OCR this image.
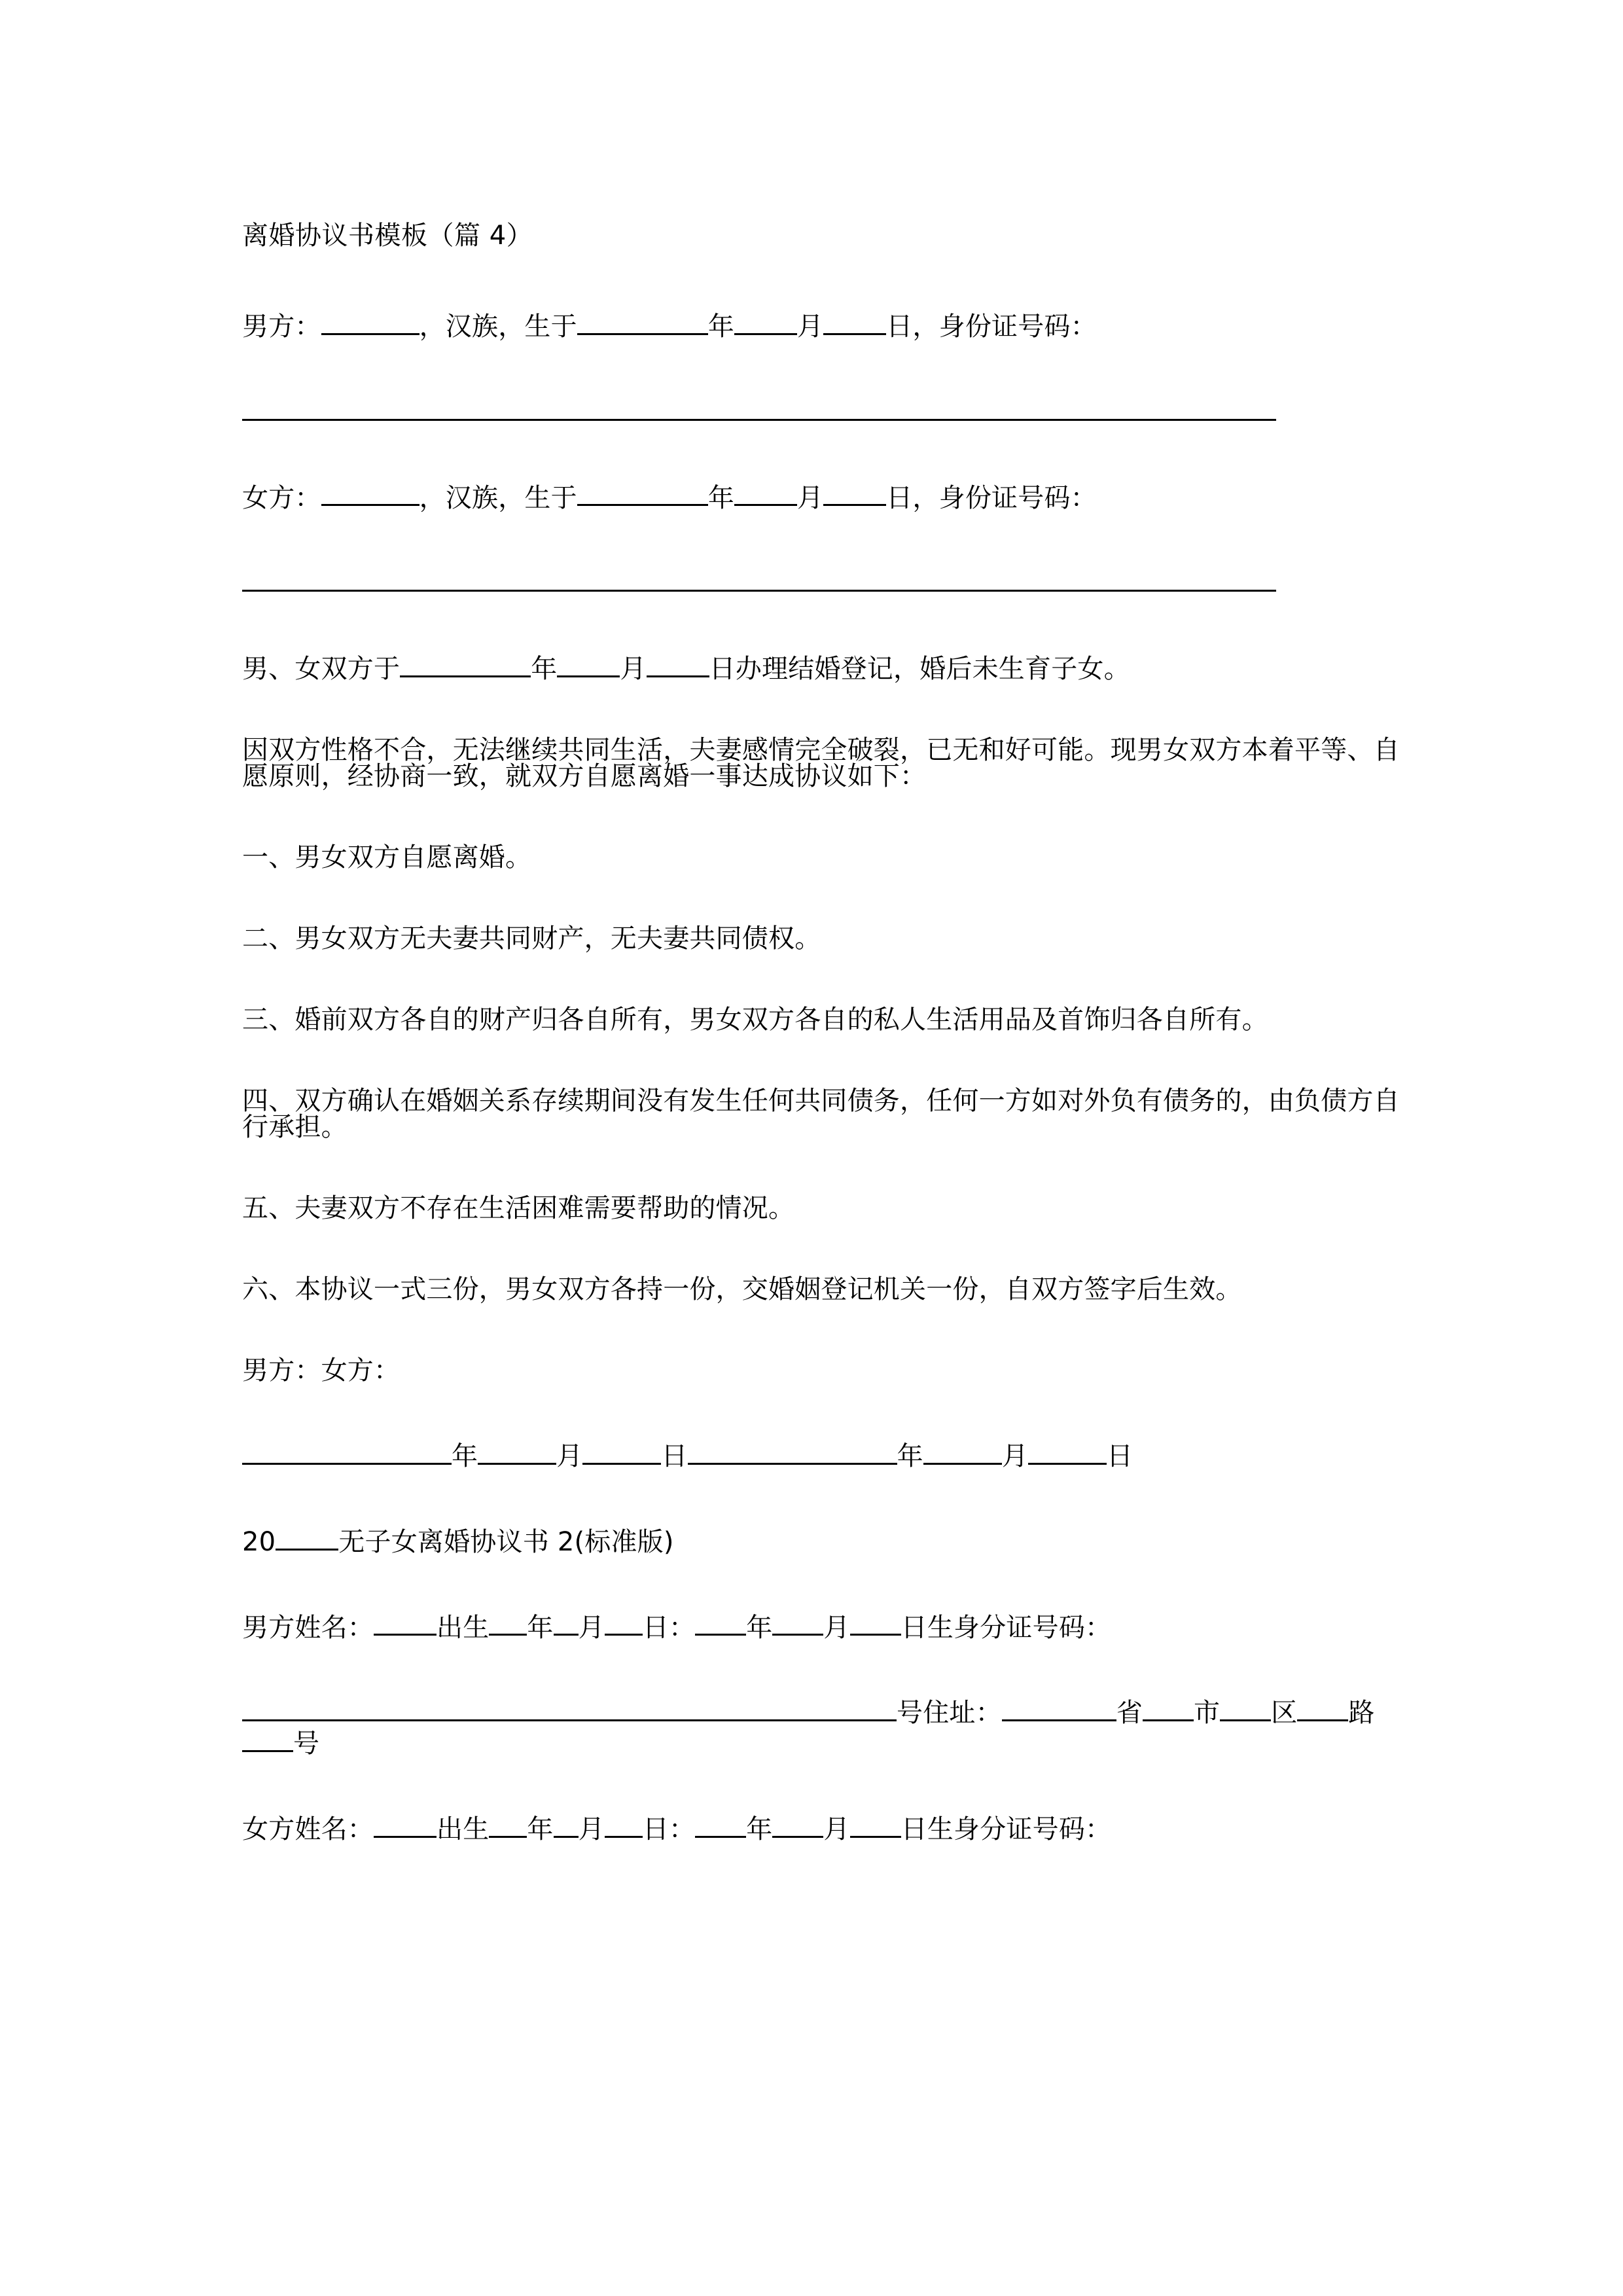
离婚协议书模板（篇 4）
男方：	，汉族，生于	年 月 日，身份证号码：
女方：	，汉族，生于	年 月 日，身份证号码：
男、女双方于	年 月 日办理结婚登记，婚后未生育子女。
因双方性格不合，无法继续共同生活，夫妻感情完全破裂，已无和好可能。现男女双方本着平等、自愿原则，经协商一致，就双方自愿离婚一事达成协议如下：
一、男女双方自愿离婚。
二、男女双方无夫妻共同财产，无夫妻共同债权。
三、婚前双方各自的财产归各自所有，男女双方各自的私人生活用品及首饰归各自所有。
四、双方确认在婚姻关系存续期间没有发生任何共同债务，任何一方如对外负有债务的，由负债方自行承担。
五、夫妻双方不存在生活困难需要帮助的情况。
六、本协议一式三份，男女双方各持一份，交婚姻登记机关一份，自双方签字后生效。
男方：女方：
年	月	日	年	月	日
20 无子女离婚协议书 2(标准版)
男方姓名： 出生 年 月 日： 年 月 日生身分证号码：
号住址：	省 市 区 路号
女方姓名： 出生 年 月 日： 年 月 日生身分证号码：
